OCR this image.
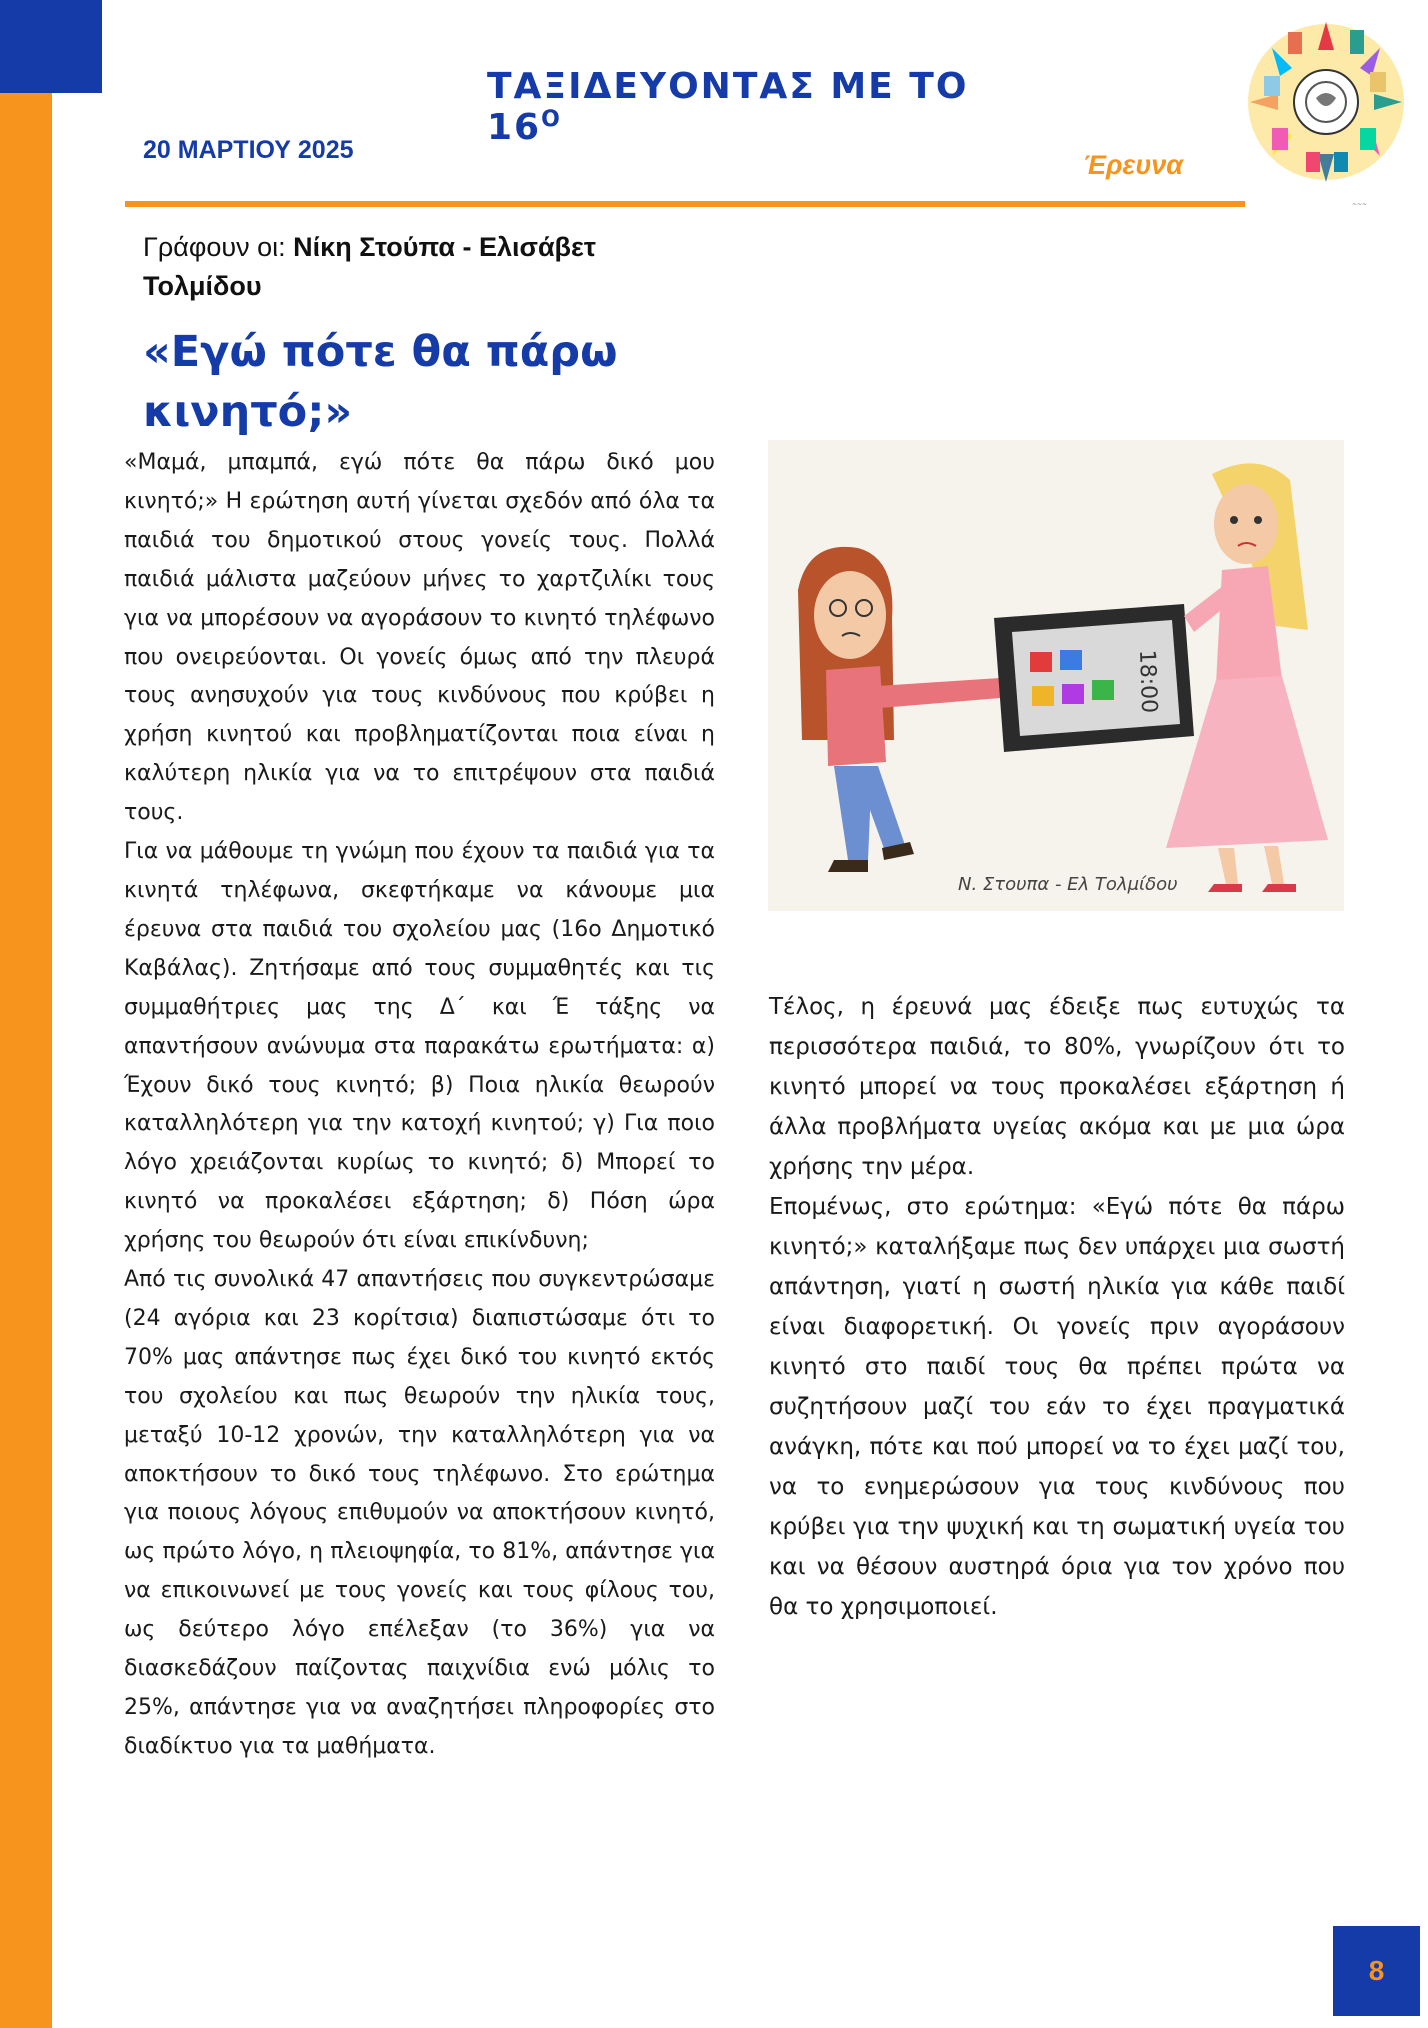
ΤΑΞΙΔΕΥΟΝΤΑΣ ΜΕ ΤΟ $16^O$
20 ΜΑΡΤΙΟΥ 2025	Έρευνα
~~~
Γράφουν οι: Νίκη Στούπα - Ελισάβετ Τολμίδου
«Εγώ πότε θα πάρω κινητό;»

«Μαμά, μπαμπά, εγώ πότε θα πάρω δικό μου κινητό;» Η ερώτηση αυτή γίνεται σχεδόν από όλα τα παιδιά του δημοτικού στους γονείς τους. Πολλά παιδιά μάλιστα μαζεύουν μήνες το χαρτζιλίκι τους για να μπορέσουν να αγοράσουν το κινητό τηλέφωνο που ονειρεύονται. Οι γονείς όμως από την πλευρά τους ανησυχούν για τους κινδύνους που κρύβει η χρήση κινητού και προβληματίζονται ποια είναι η καλύτερη ηλικία για να το επιτρέψουν στα παιδιά τους.

Για να μάθουμε τη γνώμη που έχουν τα παιδιά για τα κινητά τηλέφωνα, σκεφτήκαμε να κάνουμε μια έρευνα στα παιδιά του σχολείου μας (16ο Δημοτικό Καβάλας). Ζητήσαμε από τους συμμαθητές και τις συμμαθήτριες μας της Δ΄ και Έ τάξης να απαντήσουν ανώνυμα στα παρακάτω ερωτήματα: α) Έχουν δικό τους κινητό; β) Ποια ηλικία θεωρούν καταλληλότερη για την κατοχή κινητού; γ) Για ποιο λόγο χρειάζονται κυρίως το κινητό; δ) Μπορεί το κινητό να προκαλέσει εξάρτηση; δ) Πόση ώρα χρήσης του θεωρούν ότι είναι επικίνδυνη;

Από τις συνολικά 47 απαντήσεις που συγκεντρώσαμε (24 αγόρια και 23 κορίτσια) διαπιστώσαμε ότι το 70% μας απάντησε πως έχει δικό του κινητό εκτός του σχολείου και πως θεωρούν την ηλικία τους, μεταξύ 10-12 χρονών, την καταλληλότερη για να αποκτήσουν το δικό τους τηλέφωνο. Στο ερώτημα για ποιους λόγους επιθυμούν να αποκτήσουν κινητό, ως πρώτο λόγο, η πλειοψηφία, το 81%, απάντησε για να επικοινωνεί με τους γονείς και τους φίλους του, ως δεύτερο λόγο επέλεξαν (το 36%) για να διασκεδάζουν παίζοντας παιχνίδια ενώ μόλις το 25%, απάντησε για να αναζητήσει πληροφορίες στο διαδίκτυο για τα μαθήματα.

18:00
Ν. Στουπα - Ελ Τολμίδου

Τέλος, η έρευνά μας έδειξε πως ευτυχώς τα περισσότερα παιδιά, το 80%, γνωρίζουν ότι το κινητό μπορεί να τους προκαλέσει εξάρτηση ή άλλα προβλήματα υγείας ακόμα και με μια ώρα χρήσης την μέρα.

Επομένως, στο ερώτημα: «Εγώ πότε θα πάρω κινητό;» καταλήξαμε πως δεν υπάρχει μια σωστή απάντηση, γιατί η σωστή ηλικία για κάθε παιδί είναι διαφορετική. Οι γονείς πριν αγοράσουν κινητό στο παιδί τους θα πρέπει πρώτα να συζητήσουν μαζί του εάν το έχει πραγματικά ανάγκη, πότε και πού μπορεί να το έχει μαζί του, να το ενημερώσουν για τους κινδύνους που κρύβει για την ψυχική και τη σωματική υγεία του και να θέσουν αυστηρά όρια για τον χρόνο που θα το χρησιμοποιεί.

8
